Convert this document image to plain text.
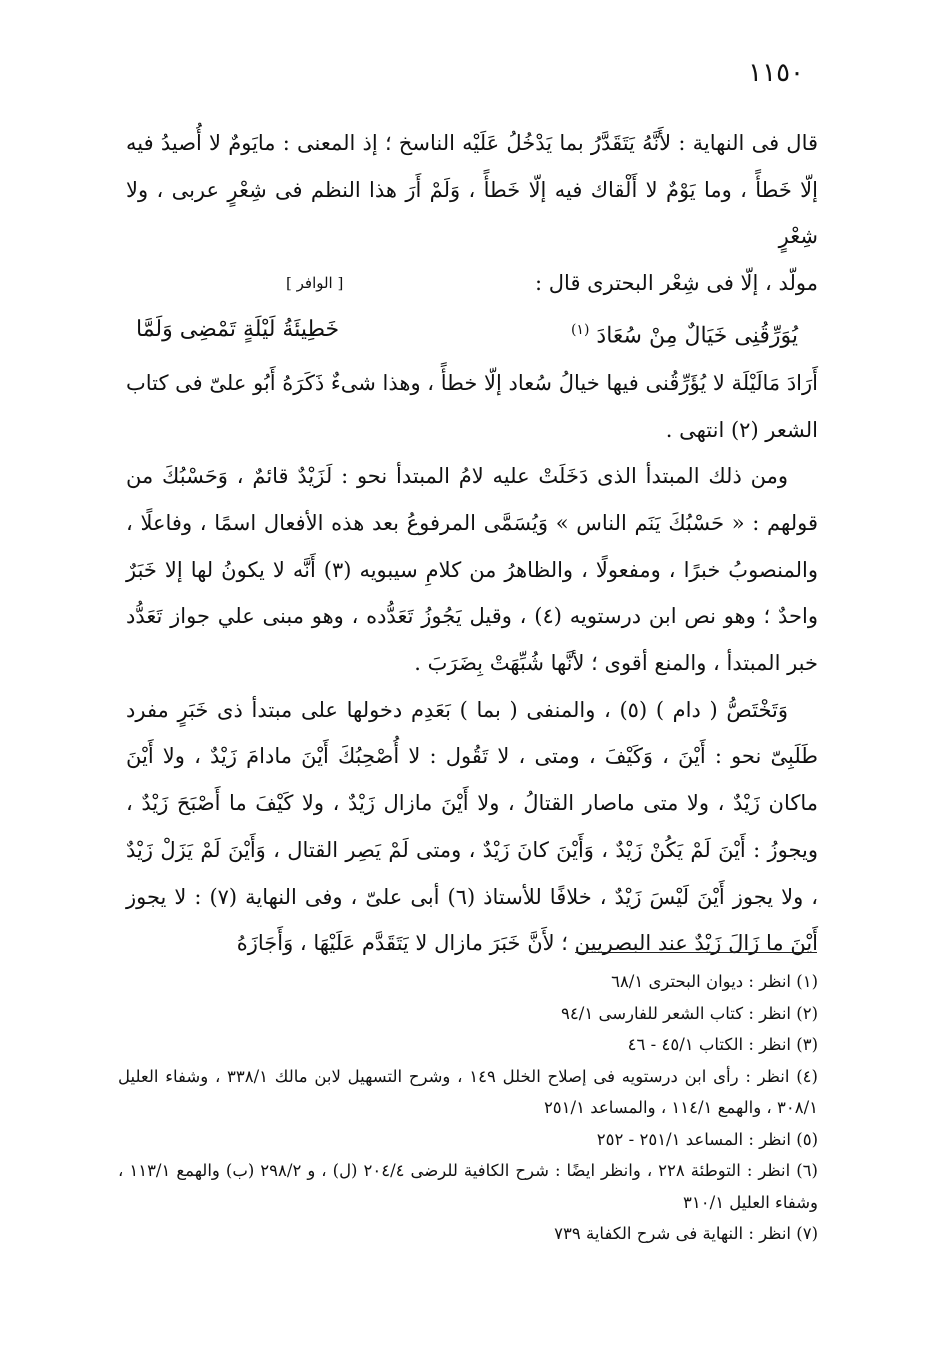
١١٥٠

قال فى النهاية : لأَنَّهُ يَتَقَدَّرُ بما يَدْخُلُ عَلَيْه الناسخ ؛ إذ المعنى : مايَومٌ لا أُصيدُ فيه إلّا خَطأً ، وما يَوْمٌ لا أَلْقاك فيه إلّا خَطأً ، وَلَمْ أَرَ هذا النظم فى شِعْرٍ عربى ، ولا شِعْرٍ

مولّد ، إلّا فى شِعْر البحترى قال :
[ الوافر ]
يُوَرِّقُنِى خَيَالٌ مِنْ سُعَادَ $^{(١)}$
خَطِيئَةُ لَيْلَةٍ تَمْضِى وَلَمَّا

أَرَادَ مَالَيْلَة لا يُؤَرِّقُنى فيها خيالُ سُعاد إلّا خطأً ، وهذا شىءٌ ذَكَرَهُ أَبُو علىّ فى كتاب الشعر (٢) انتهى .

ومن ذلك المبتدأ الذى دَخَلَتْ عليه لامُ المبتدأ نحو : لَزَيْدٌ قائمٌ ، وَحَسْبُكَ من قولهم : « حَسْبُكَ يَنَم الناس » وَيُسَمَّى المرفوعُ بعد هذه الأفعال اسمًا ، وفاعلًا ، والمنصوبُ خبرًا ، ومفعولًا ، والظاهرُ من كلامِ سيبويه (٣) أَنَّه لا يكونُ لها إلا خَبَرٌ واحدٌ ؛ وهو نص ابن درستويه (٤) ، وقيل يَجُوزُ تَعَدُّده ، وهو مبنى علي جواز تَعَدُّد خبر المبتدأ ، والمنع أقوى ؛ لأنَّها شُبِّهَتْ بِضَرَبَ .

وَتَخْتَصُّ ( دام ) (٥) ، والمنفى ( بما ) بَعَدِم دخولها على مبتدأ ذى خَبَرٍ مفرد طَلَبِىّ نحو : أَيْنَ ، وَكَيْفَ ، ومتى ، لا تَقُول : لا أُصْحِبُكَ أَيْنَ مادامَ زَيْدٌ ، ولا أَيْنَ ماكان زَيْدٌ ، ولا متى ماصار القتالُ ، ولا أَيْنَ مازال زَيْدٌ ، ولا كَيْفَ ما أَصْبَحَ زَيْدٌ ، ويجوزُ : أَيْنَ لَمْ يَكُنْ زَيْدٌ ، وَأَيْنَ كانَ زَيْدٌ ، ومتى لَمْ يَصِر القتال ، وَأَيْنَ لَمْ يَزَلْ زَيْدٌ ، ولا يجوز أَيْنَ لَيْسَ زَيْدٌ ، خلافًا للأستاذ (٦) أبى علىّ ، وفى النهاية (٧) : لا يجوز أَيْنَ ما زَالَ زَيْدٌ عند البصريين ؛ لأَنَّ خَبَرَ مازال لا يَتَقَدَّم عَلَيْهَا ، وَأَجَازَهُ

(١) انظر : ديوان البحترى ٦٨/١

(٢) انظر : كتاب الشعر للفارسى ٩٤/١

(٣) انظر : الكتاب ٤٥/١ - ٤٦

(٤) انظر : رأى ابن درستويه فى إصلاح الخلل ١٤٩ ، وشرح التسهيل لابن مالك ٣٣٨/١ ، وشفاء العليل ٣٠٨/١ ، والهمع ١١٤/١ ، والمساعد ٢٥١/١

(٥) انظر : المساعد ٢٥١/١ - ٢٥٢

(٦) انظر : التوطئة ٢٢٨ ، وانظر ايضًا : شرح الكافية للرضى ٢٠٤/٤ (ل) ، و ٢٩٨/٢ (ب) والهمع ١١٣/١ ، وشفاء العليل ٣١٠/١

(٧) انظر : النهاية فى شرح الكفاية ٧٣٩
